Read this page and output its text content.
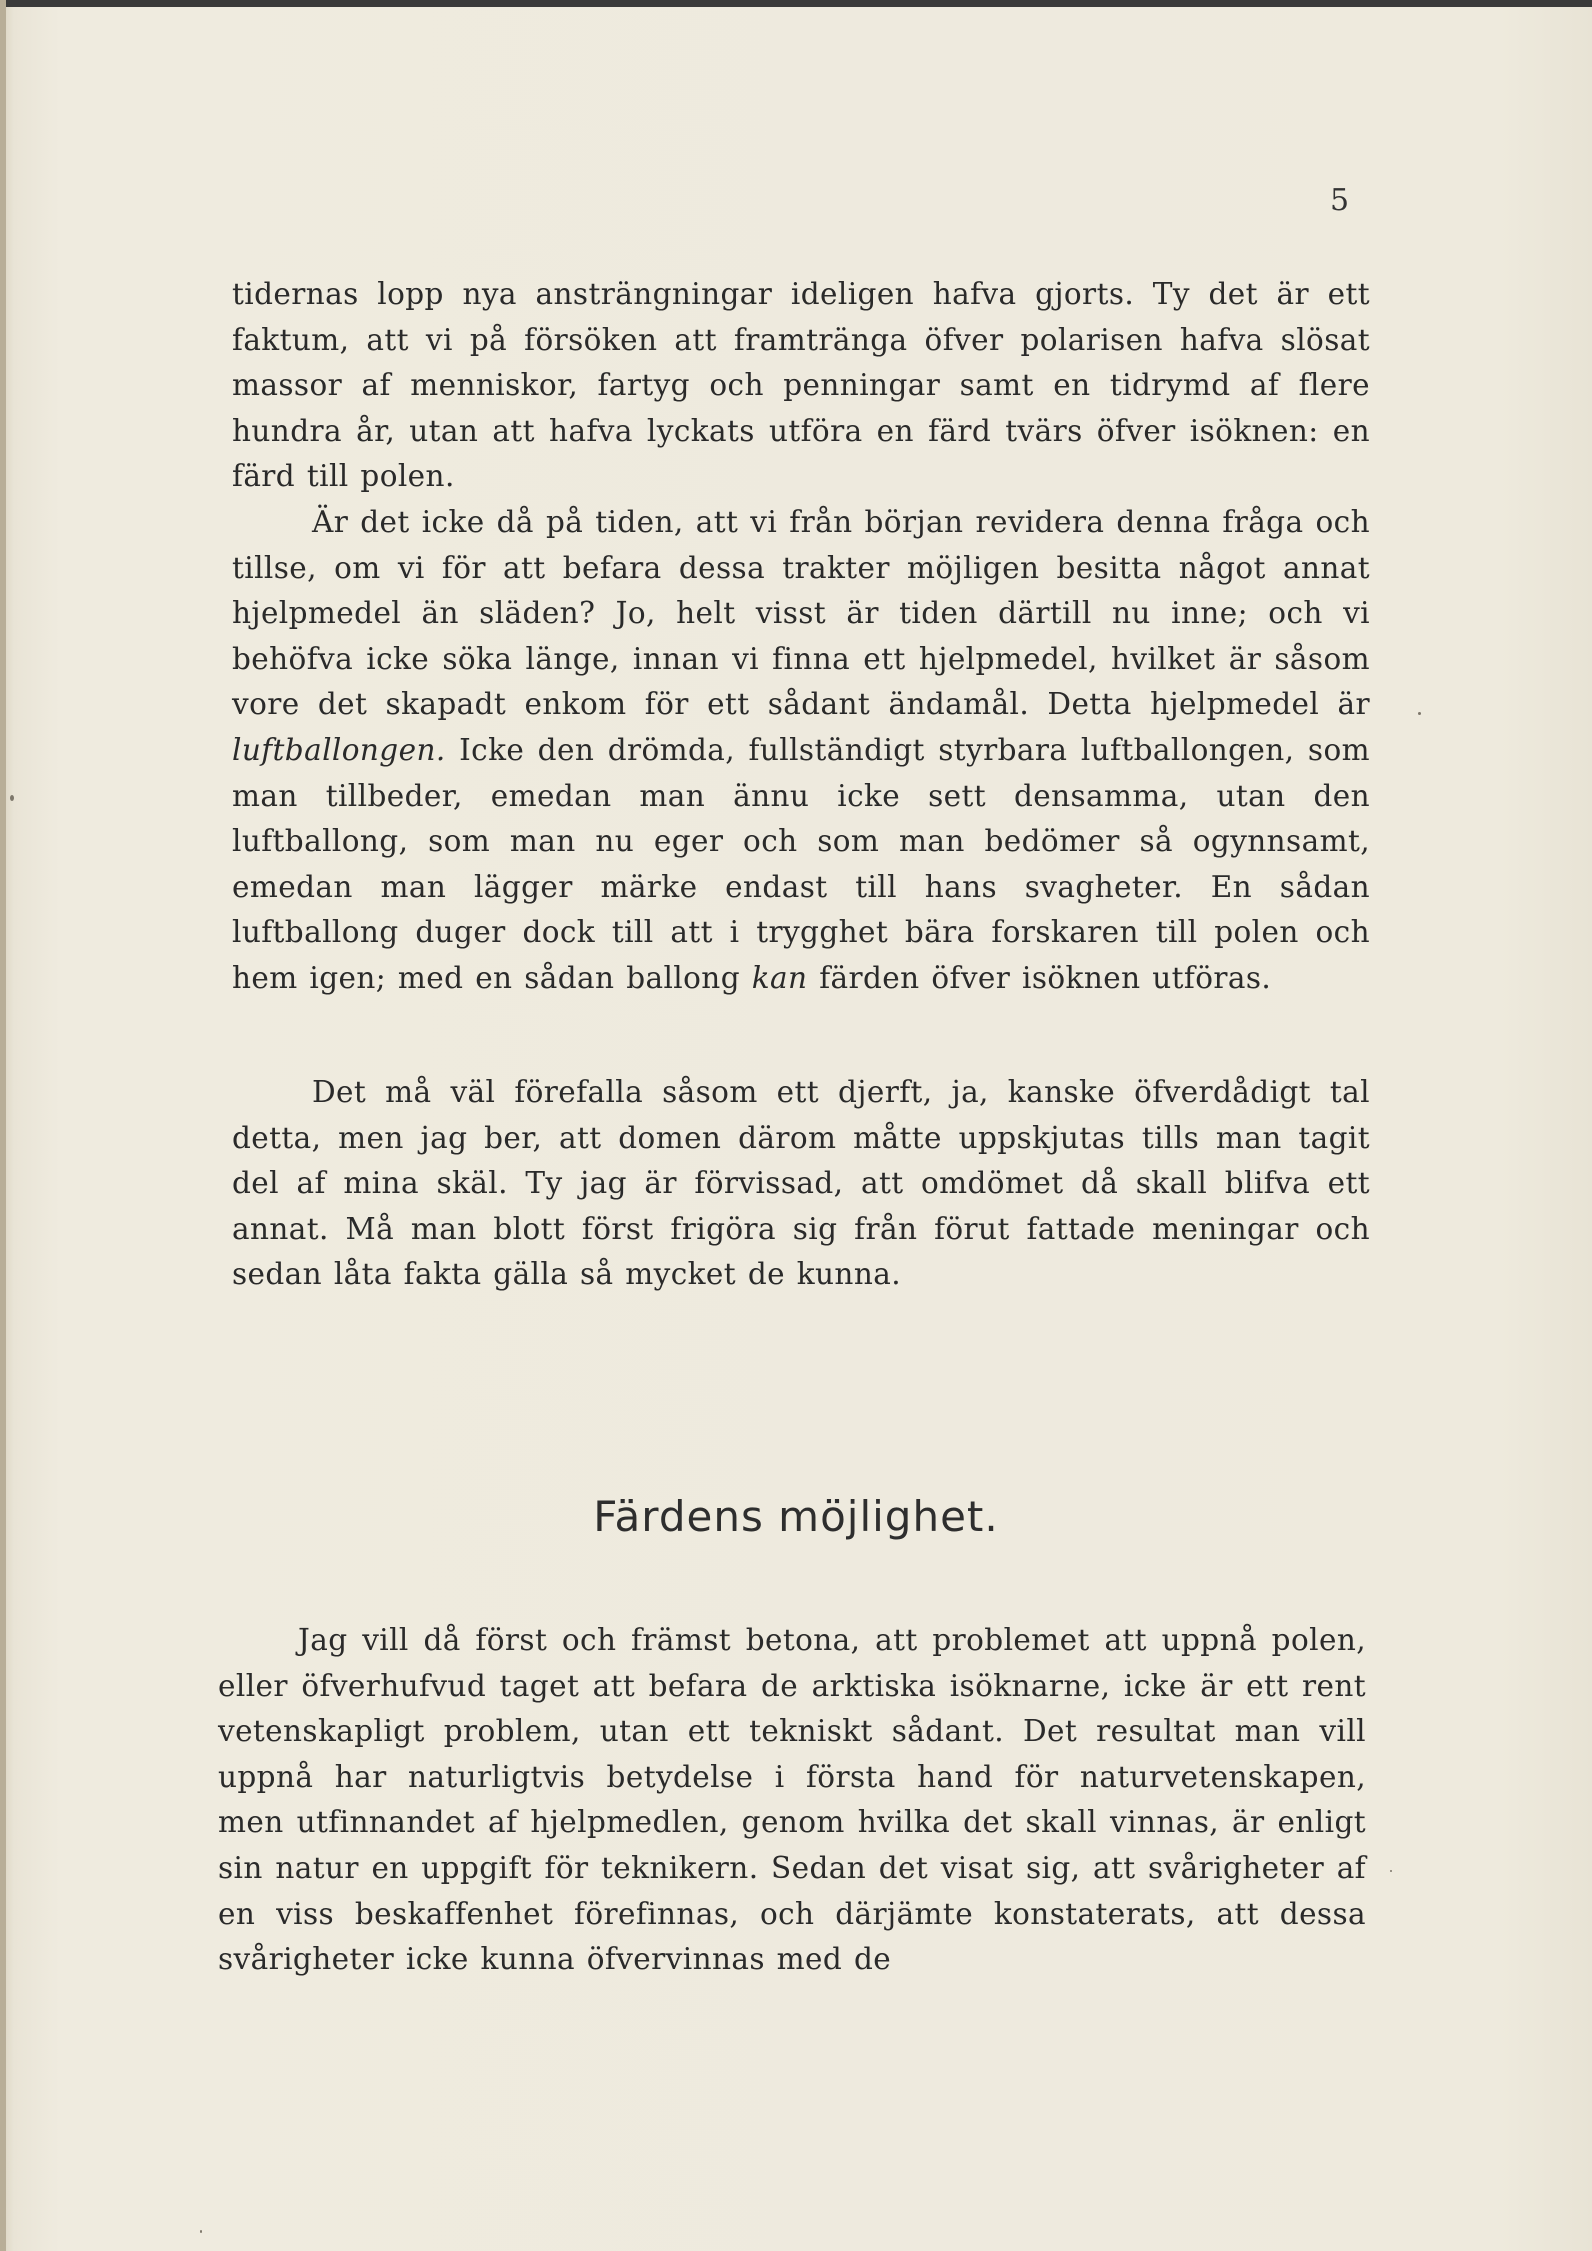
5

tidernas lopp nya ansträngningar ideligen hafva gjorts. Ty det är ett faktum, att vi på försöken att framtränga öfver polarisen hafva slösat massor af menniskor, fartyg och penningar samt en tidrymd af flere hundra år, utan att hafva lyckats utföra en färd tvärs öfver isöknen: en färd till polen.

Är det icke då på tiden, att vi från början revidera denna fråga och tillse, om vi för att befara dessa trakter möjligen besitta något annat hjelpmedel än släden? Jo, helt visst är tiden därtill nu inne; och vi behöfva icke söka länge, innan vi finna ett hjelpmedel, hvilket är såsom vore det skapadt enkom för ett sådant ändamål. Detta hjelpmedel är luftballongen. Icke den drömda, fullständigt styrbara luftballongen, som man tillbeder, emedan man ännu icke sett densamma, utan den luftballong, som man nu eger och som man bedömer så ogynnsamt, emedan man lägger märke endast till hans svagheter. En sådan luftballong duger dock till att i trygghet bära forskaren till polen och hem igen; med en sådan ballong kan färden öfver isöknen utföras.

Det må väl förefalla såsom ett djerft, ja, kanske öfverdådigt tal detta, men jag ber, att domen därom måtte uppskjutas tills man tagit del af mina skäl. Ty jag är förvissad, att omdömet då skall blifva ett annat. Må man blott först frigöra sig från förut fattade meningar och sedan låta fakta gälla så mycket de kunna.

Färdens möjlighet.

Jag vill då först och främst betona, att problemet att uppnå polen, eller öfverhufvud taget att befara de arktiska isöknarne, icke är ett rent vetenskapligt problem, utan ett tekniskt sådant. Det resultat man vill uppnå har naturligtvis betydelse i första hand för naturvetenskapen, men utfinnandet af hjelpmedlen, genom hvilka det skall vinnas, är enligt sin natur en uppgift för teknikern. Sedan det visat sig, att svårigheter af en viss beskaffenhet förefinnas, och därjämte konstaterats, att dessa svårigheter icke kunna öfvervinnas med de
